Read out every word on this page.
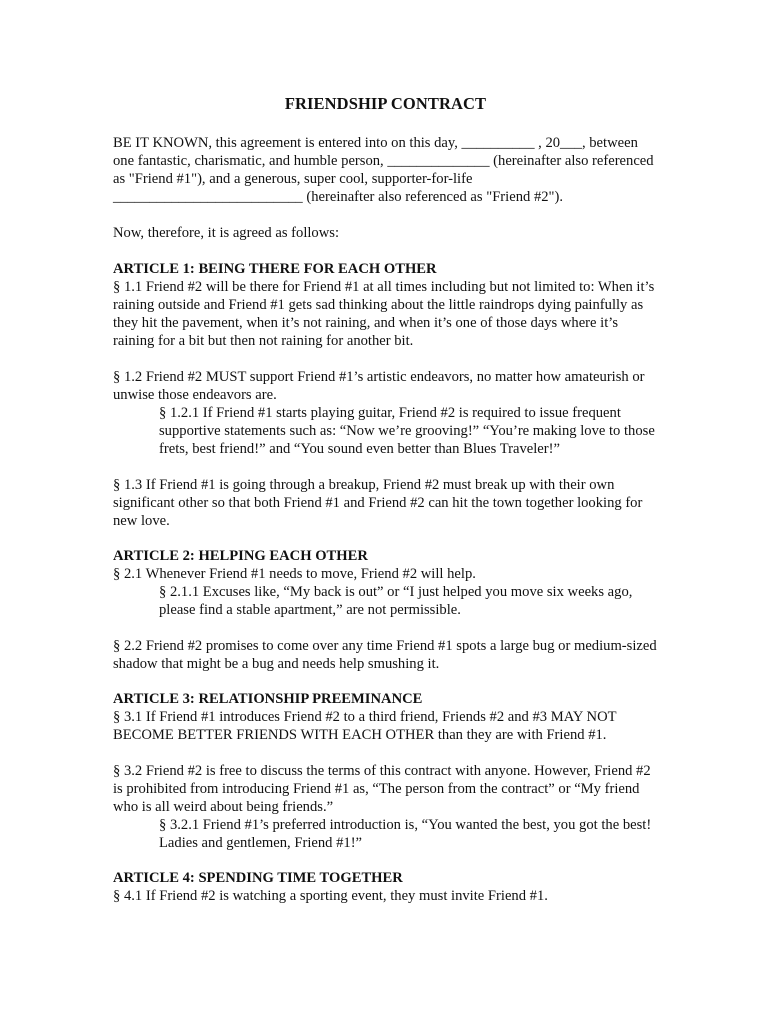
FRIENDSHIP CONTRACT

BE IT KNOWN, this agreement is entered into on this day, __________ , 20___, between one fantastic, charismatic, and humble person, ______________ (hereinafter also referenced as "Friend #1"), and a generous, super cool, supporter-for-life __________________________ (hereinafter also referenced as "Friend #2").

Now, therefore, it is agreed as follows:

ARTICLE 1: BEING THERE FOR EACH OTHER

§ 1.1 Friend #2 will be there for Friend #1 at all times including but not limited to: When it’s raining outside and Friend #1 gets sad thinking about the little raindrops dying painfully as they hit the pavement, when it’s not raining, and when it’s one of those days where it’s raining for a bit but then not raining for another bit.

§ 1.2 Friend #2 MUST support Friend #1’s artistic endeavors, no matter how amateurish or unwise those endeavors are.

§ 1.2.1 If Friend #1 starts playing guitar, Friend #2 is required to issue frequent supportive statements such as: “Now we’re grooving!” “You’re making love to those frets, best friend!” and “You sound even better than Blues Traveler!”

§ 1.3 If Friend #1 is going through a breakup, Friend #2 must break up with their own significant other so that both Friend #1 and Friend #2 can hit the town together looking for new love.

ARTICLE 2: HELPING EACH OTHER

§ 2.1 Whenever Friend #1 needs to move, Friend #2 will help.

§ 2.1.1 Excuses like, “My back is out” or “I just helped you move six weeks ago, please find a stable apartment,” are not permissible.

§ 2.2 Friend #2 promises to come over any time Friend #1 spots a large bug or medium-sized shadow that might be a bug and needs help smushing it.

ARTICLE 3: RELATIONSHIP PREEMINANCE

§ 3.1 If Friend #1 introduces Friend #2 to a third friend, Friends #2 and #3 MAY NOT BECOME BETTER FRIENDS WITH EACH OTHER than they are with Friend #1.

§ 3.2 Friend #2 is free to discuss the terms of this contract with anyone. However, Friend #2 is prohibited from introducing Friend #1 as, “The person from the contract” or “My friend who is all weird about being friends.”

§ 3.2.1 Friend #1’s preferred introduction is, “You wanted the best, you got the best! Ladies and gentlemen, Friend #1!”

ARTICLE 4: SPENDING TIME TOGETHER

§ 4.1 If Friend #2 is watching a sporting event, they must invite Friend #1.
